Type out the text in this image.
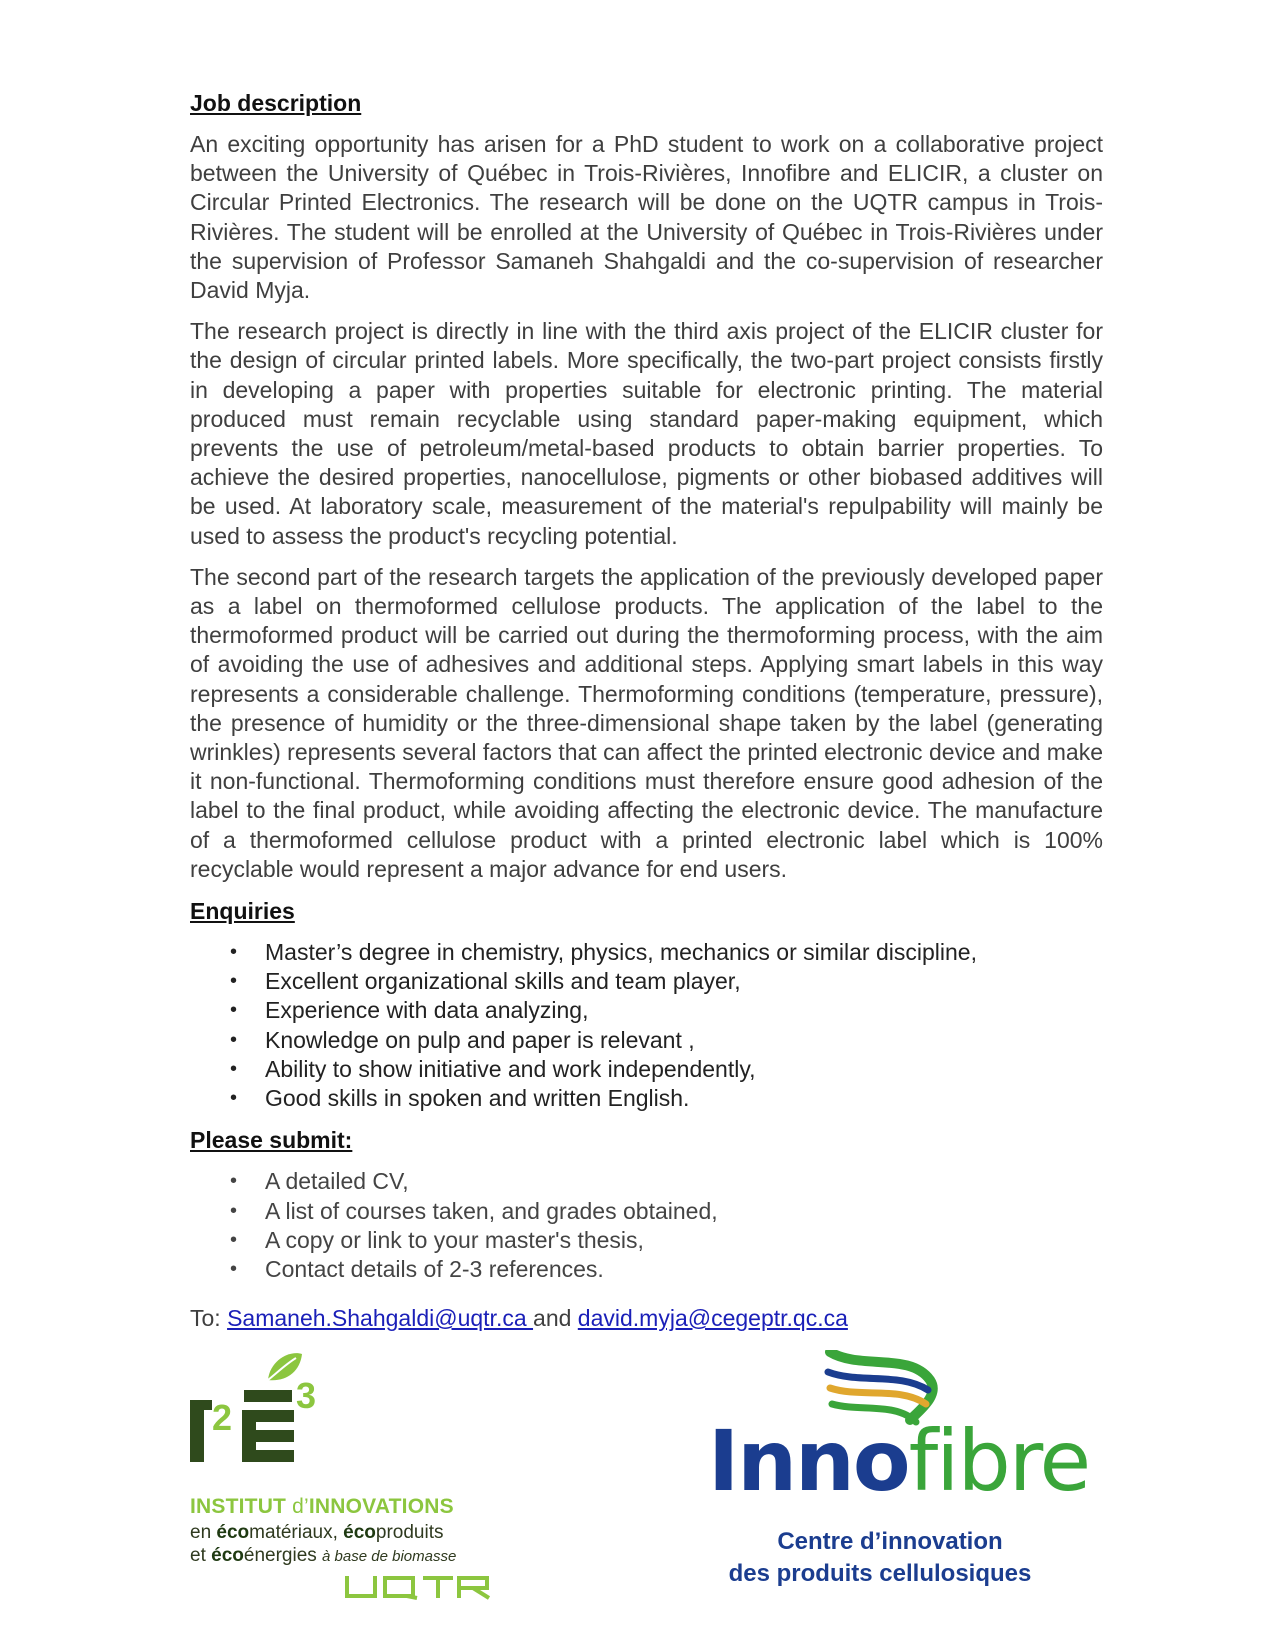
Job description

An exciting opportunity has arisen for a PhD student to work on a collaborative project between the University of Québec in Trois-Rivières, Innofibre and ELICIR, a cluster on Circular Printed Electronics. The research will be done on the UQTR campus in Trois-Rivières. The student will be enrolled at the University of Québec in Trois-Rivières under the supervision of Professor Samaneh Shahgaldi and the co-supervision of researcher David Myja.

The research project is directly in line with the third axis project of the ELICIR cluster for the design of circular printed labels. More specifically, the two-part project consists firstly in developing a paper with properties suitable for electronic printing. The material produced must remain recyclable using standard paper-making equipment, which prevents the use of petroleum/metal-based products to obtain barrier properties. To achieve the desired properties, nanocellulose, pigments or other biobased additives will be used. At laboratory scale, measurement of the material's repulpability will mainly be used to assess the product's recycling potential.

The second part of the research targets the application of the previously developed paper as a label on thermoformed cellulose products. The application of the label to the thermoformed product will be carried out during the thermoforming process, with the aim of avoiding the use of adhesives and additional steps. Applying smart labels in this way represents a considerable challenge. Thermoforming conditions (temperature, pressure), the presence of humidity or the three-dimensional shape taken by the label (generating wrinkles) represents several factors that can affect the printed electronic device and make it non-functional. Thermoforming conditions must therefore ensure good adhesion of the label to the final product, while avoiding affecting the electronic device. The manufacture of a thermoformed cellulose product with a printed electronic label which is 100% recyclable would represent a major advance for end users.

Enquiries
• Master’s degree in chemistry, physics, mechanics or similar discipline,
• Excellent organizational skills and team player,
• Experience with data analyzing,
• Knowledge on pulp and paper is relevant ,
• Ability to show initiative and work independently,
• Good skills in spoken and written English.
Please submit:
• A detailed CV,
• A list of courses taken, and grades obtained,
• A copy or link to your master's thesis,
• Contact details of 2-3 references.
To: Samaneh.Shahgaldi@uqtr.ca and david.myja@cegeptr.qc.ca
2
3
INSTITUT d’INNOVATIONS
en écomatériaux, écoproduits
et écoénergies à base de biomasse
Innofibre
Centre d’innovation
des produits cellulosiques
